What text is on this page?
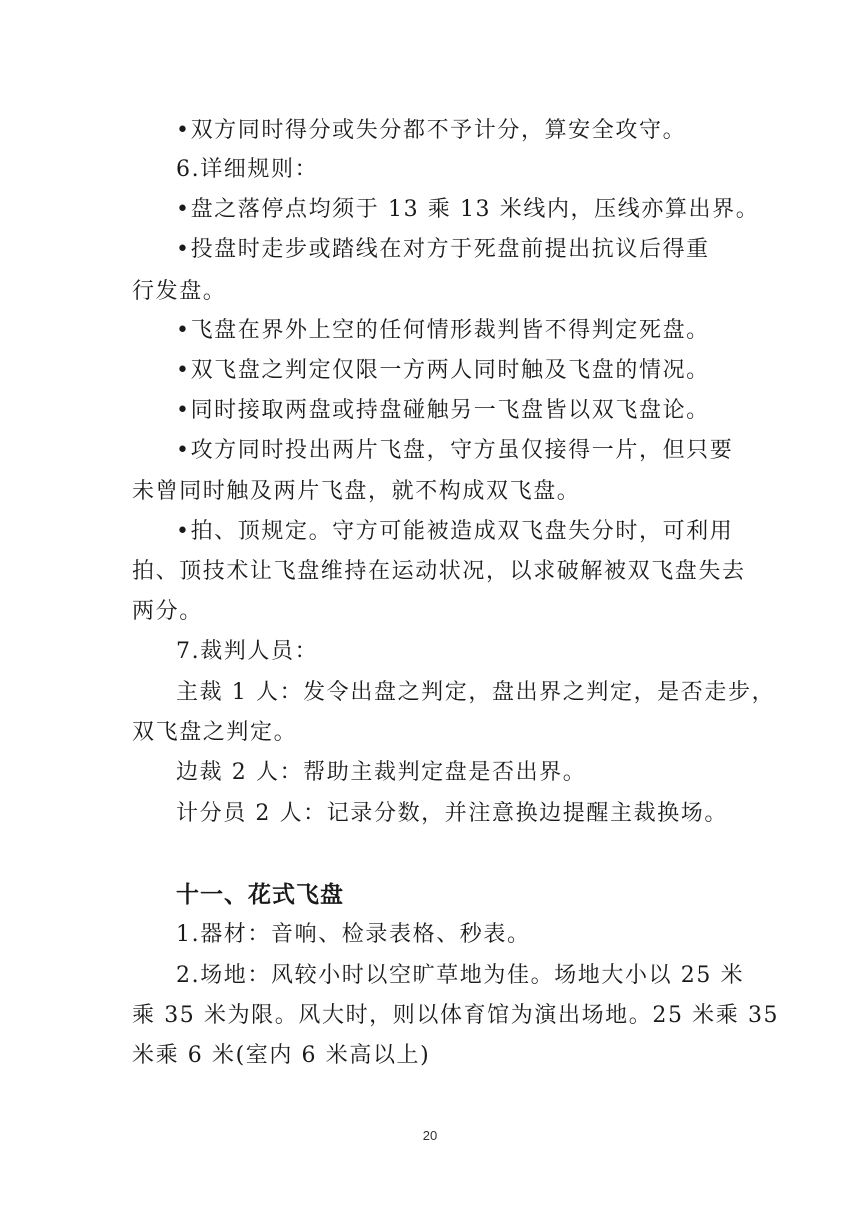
•双方同时得分或失分都不予计分，算安全攻守。
6.详细规则：
•盘之落停点均须于 13 乘 13 米线内，压线亦算出界。
•投盘时走步或踏线在对方于死盘前提出抗议后得重
行发盘。
•飞盘在界外上空的任何情形裁判皆不得判定死盘。
•双飞盘之判定仅限一方两人同时触及飞盘的情况。
•同时接取两盘或持盘碰触另一飞盘皆以双飞盘论。
•攻方同时投出两片飞盘，守方虽仅接得一片，但只要
未曾同时触及两片飞盘，就不构成双飞盘。
•拍、顶规定。守方可能被造成双飞盘失分时，可利用
拍、顶技术让飞盘维持在运动状况，以求破解被双飞盘失去
两分。
7.裁判人员：
主裁 1 人：发令出盘之判定，盘出界之判定，是否走步，
双飞盘之判定。
边裁 2 人：帮助主裁判定盘是否出界。
计分员 2 人：记录分数，并注意换边提醒主裁换场。
十一、花式飞盘
1.器材：音响、检录表格、秒表。
2.场地：风较小时以空旷草地为佳。场地大小以 25 米
乘 35 米为限。风大时，则以体育馆为演出场地。25 米乘 35
米乘 6 米(室内 6 米高以上)
20
